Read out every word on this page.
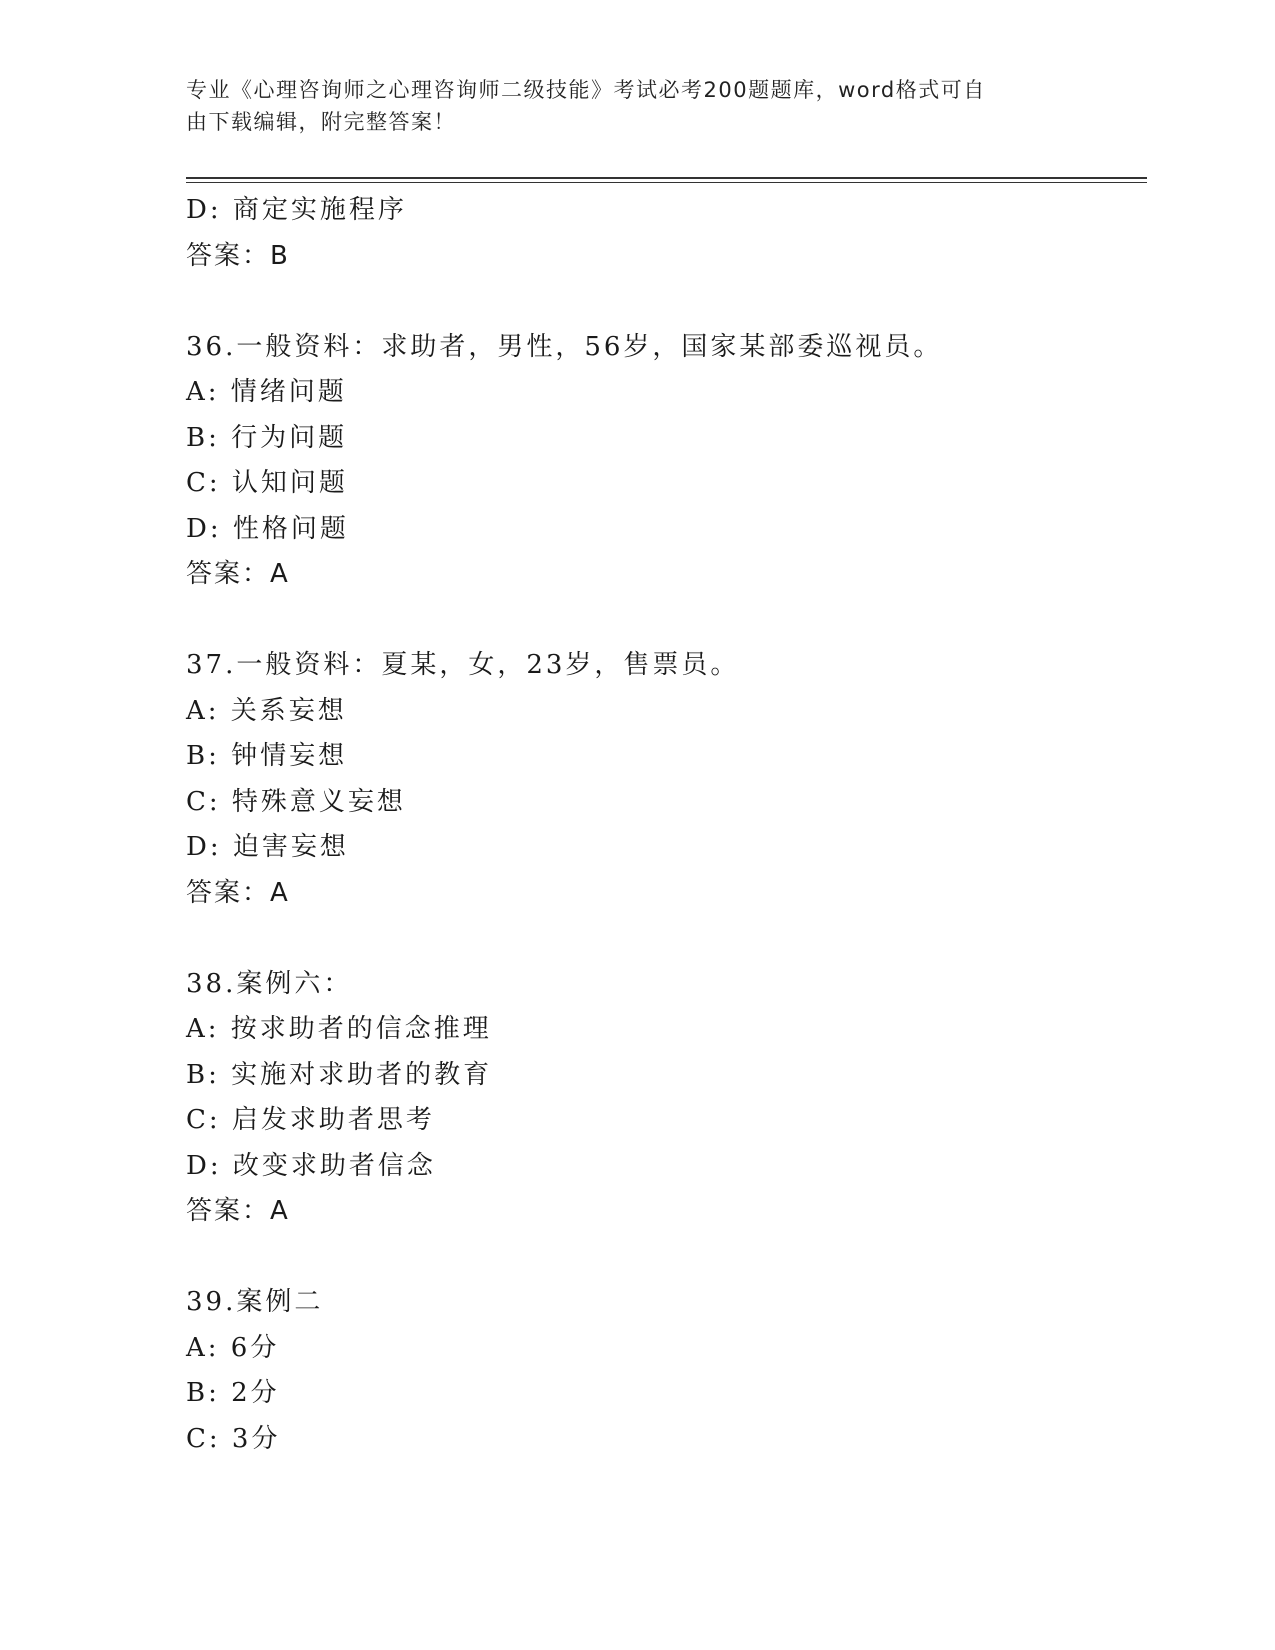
专业《心理咨询师之心理咨询师二级技能》考试必考200题题库，word格式可自
由下载编辑，附完整答案！
D: 商定实施程序
答案：B
36.一般资料：求助者，男性，56岁，国家某部委巡视员。
A: 情绪问题
B: 行为问题
C: 认知问题
D: 性格问题
答案：A
37.一般资料：夏某，女，23岁，售票员。
A: 关系妄想
B: 钟情妄想
C: 特殊意义妄想
D: 迫害妄想
答案：A
38.案例六：
A: 按求助者的信念推理
B: 实施对求助者的教育
C: 启发求助者思考
D: 改变求助者信念
答案：A
39.案例二
A: 6分
B: 2分
C: 3分
